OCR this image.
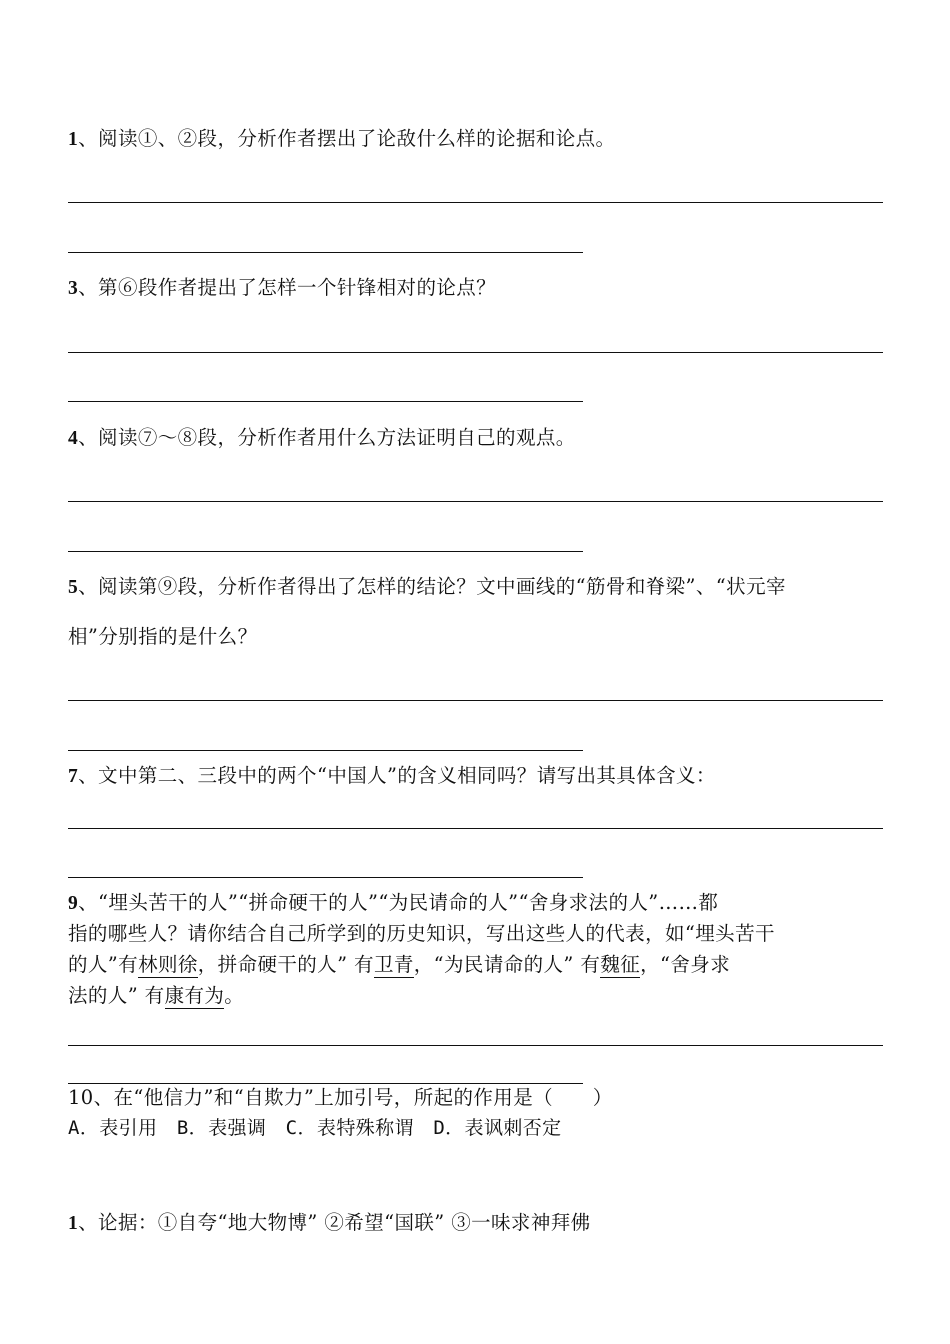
1、阅读①、②段，分析作者摆出了论敌什么样的论据和论点。
3、第⑥段作者提出了怎样一个针锋相对的论点？
4、阅读⑦～⑧段，分析作者用什么方法证明自己的观点。
5、阅读第⑨段，分析作者得出了怎样的结论？文中画线的“筋骨和脊梁”、“状元宰
相”分别指的是什么？
7、文中第二、三段中的两个“中国人”的含义相同吗？请写出其具体含义：
9、“埋头苦干的人”“拼命硬干的人”“为民请命的人”“舍身求法的人”……都
指的哪些人？请你结合自己所学到的历史知识，写出这些人的代表，如“埋头苦干
的人”有林则徐，拼命硬干的人” 有卫青，“为民请命的人” 有魏征，“舍身求
法的人” 有康有为。
10、在“他信力”和“自欺力”上加引号，所起的作用是（　　）
A．表引用　B．表强调　C．表特殊称谓　D．表讽刺否定
1、论据：①自夸“地大物博” ②希望“国联” ③一味求神拜佛
